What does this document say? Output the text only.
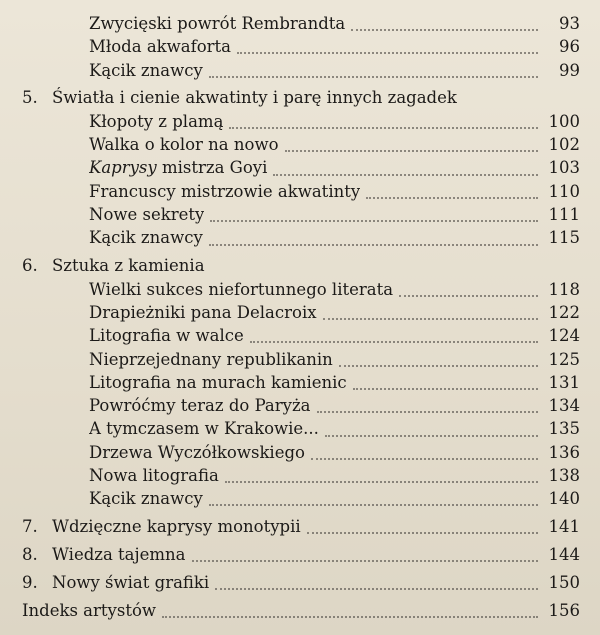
Zwycięski powrót Rembrandta	93
Młoda akwaforta	96
Kącik znawcy	99
5. Światła i cienie akwatinty i parę innych zagadek
Kłopoty z plamą	100
Walka o kolor na nowo	102
Kaprysy mistrza Goyi	103
Francuscy mistrzowie akwatinty	110
Nowe sekrety	111
Kącik znawcy	115
6. Sztuka z kamienia
Wielki sukces niefortunnego literata	118
Drapieżniki pana Delacroix	122
Litografia w walce	124
Nieprzejednany republikanin	125
Litografia na murach kamienic	131
Powróćmy teraz do Paryża	134
A tymczasem w Krakowie...	135
Drzewa Wyczółkowskiego	136
Nowa litografia	138
Kącik znawcy	140
7. Wdzięczne kaprysy monotypii	141
8. Wiedza tajemna	144
9. Nowy świat grafiki	150
Indeks artystów	156
